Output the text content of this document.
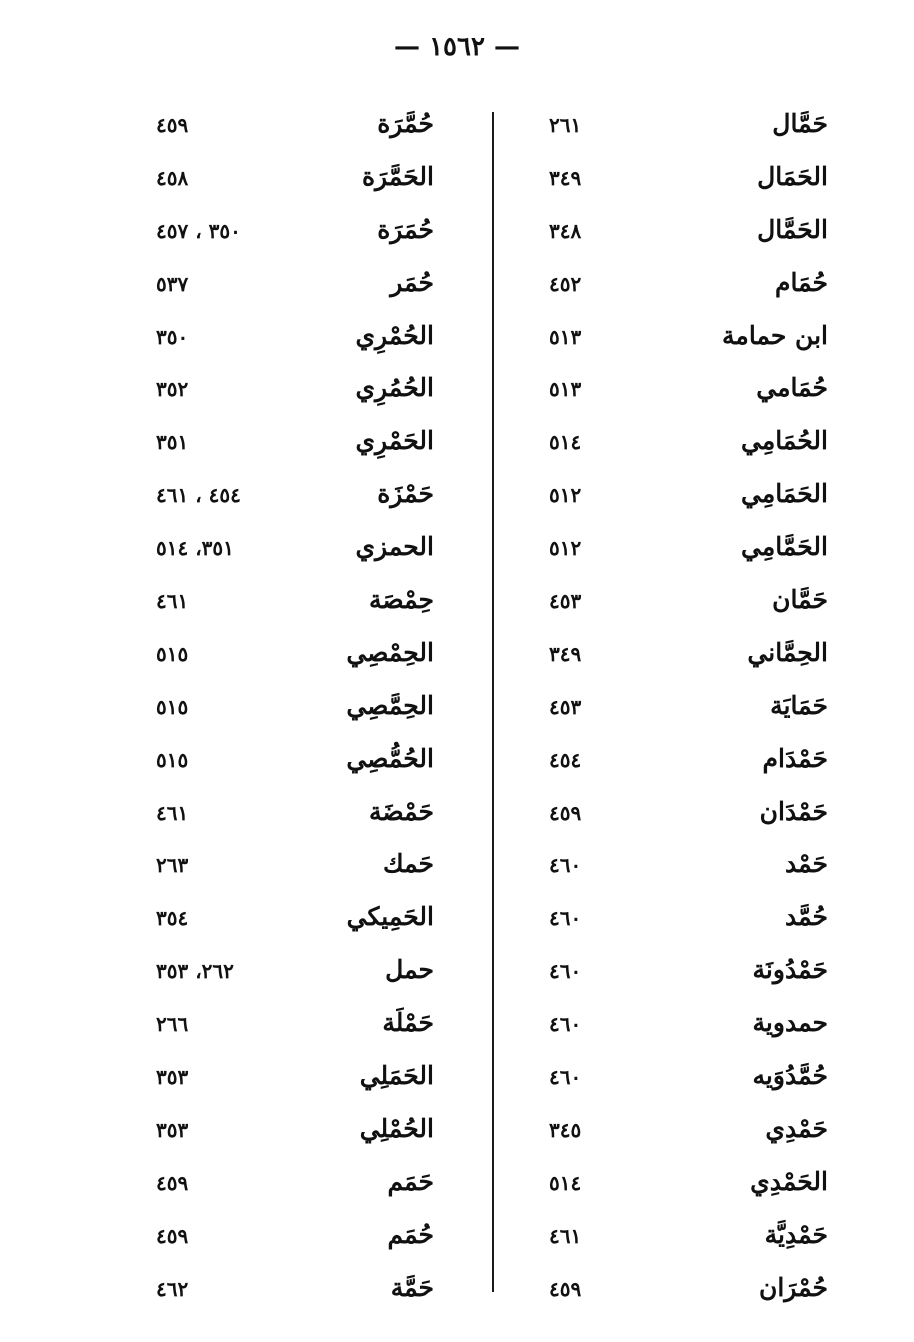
— ١٥٦٢ —
حَمَّال
٢٦١
الحَمَال
٣٤٩
الحَمَّال
٣٤٨
حُمَام
٤٥٢
ابن حمامة
٥١٣
حُمَامي
٥١٣
الحُمَامِي
٥١٤
الحَمَامِي
٥١٢
الحَمَّامِي
٥١٢
حَمَّان
٤٥٣
الحِمَّاني
٣٤٩
حَمَايَة
٤٥٣
حَمْدَام
٤٥٤
حَمْدَان
٤٥٩
حَمْد
٤٦٠
حُمَّد
٤٦٠
حَمْدُونَة
٤٦٠
حمدوية
٤٦٠
حُمَّدُوَيه
٤٦٠
حَمْدِي
٣٤٥
الحَمْدِي
٥١٤
حَمْدِيَّة
٤٦١
حُمْرَان
٤٥٩
حُمَّرَة
٤٥٩
الحَمَّرَة
٤٥٨
حُمَرَة
٣٥٠ ، ٤٥٧
حُمَر
٥٣٧
الحُمْرِي
٣٥٠
الحُمُرِي
٣٥٢
الحَمْرِي
٣٥١
حَمْزَة
٤٥٤ ، ٤٦١
الحمزي
٣٥١، ٥١٤
حِمْصَة
٤٦١
الحِمْصِي
٥١٥
الحِمَّصِي
٥١٥
الحُمُّصِي
٥١٥
حَمْضَة
٤٦١
حَمك
٢٦٣
الحَمِيكي
٣٥٤
حمل
٢٦٢، ٣٥٣
حَمْلَة
٢٦٦
الحَمَلِي
٣٥٣
الحُمْلِي
٣٥٣
حَمَم
٤٥٩
حُمَم
٤٥٩
حَمَّة
٤٦٢
